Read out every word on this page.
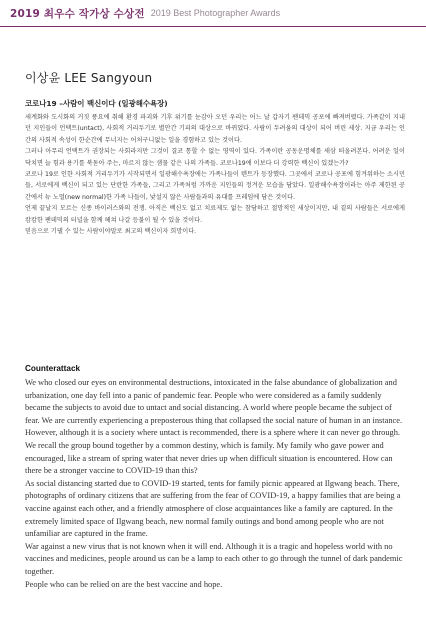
2019 최우수 작가상 수상전 2019 Best Photographer Awards
이상윤 LEE Sangyoun
코로나19 –사람이 백신이다 (일광해수욕장)

세계화와 도시화의 거짓 풍요에 취해 환경 파괴와 기후 위기를 눈감아 오던 우리는 어느 날 갑자기 팬데믹 공포에 빠져버렸다. 가족같이 지내던 지인들이 언택트(untact), 사회적 거리두기로 별안간 기피의 대상으로 바뀌었다. 사람이 두려움의 대상이 되어 버린 세상. 지금 우리는 인간의 사회적 속성이 한순간에 무너지는 어처구니없는 일을 경험하고 있는 것이다.

그러나 아무리 언택트가 권장되는 사회라지만 그것이 결코 통할 수 없는 영역이 있다. 가족이란 공동운명체를 새삼 떠올려본다. 어려운 일이 닥치면 늘 힘과 용기를 북돋아 주는, 마르지 않는 샘물 같은 나의 가족들. 코로나19에 이보다 더 강력한 백신이 있겠는가?

코로나 19로 인한 사회적 거리두기가 시작되면서 일광해수욕장에는 가족나들이 텐트가 등장했다. 그곳에서 코로나 공포에 힘겨워하는 소시민들, 서로에게 백신이 되고 있는 단란한 가족들, 그리고 가족처럼 가까운 지인들의 정겨운 모습을 담았다. 일광해수욕장이라는 아주 제한된 공간에서 뉴 노멀(new normal)한 가족 나들이, 낯설지 않은 사람들과의 유대를 프레임에 담은 것이다.

언제 끝날지 모르는 신종 바이러스와의 전쟁. 아직은 백신도 없고 치료제도 없는 참담하고 절망적인 세상이지만, 내 곁의 사람들은 서로에게 캄캄한 팬데믹의 터널을 함께 헤쳐 나갈 등불이 될 수 있을 것이다.

믿음으로 기댈 수 있는 사람이야말로 최고의 백신이자 희망이다.

Counterattack

We who closed our eyes on environmental destructions, intoxicated in the false abundance of globalization and urbanization, one day fell into a panic of pandemic fear. People who were considered as a family suddenly became the subjects to avoid due to untact and social distancing. A world where people became the subject of fear. We are currently experiencing a preposterous thing that collapsed the social nature of human in an instance.

However, although it is a society where untact is recommended, there is a sphere where it can never go through. We recall the group bound together by a common destiny, which is family. My family who gave power and encouraged, like a stream of spring water that never dries up when difficult situation is encountered. How can there be a stronger vaccine to COVID-19 than this?

As social distancing started due to COVID-19 started, tents for family picnic appeared at Ilgwang beach. There, photographs of ordinary citizens that are suffering from the fear of COVID-19, a happy families that are being a vaccine against each other, and a friendly atmosphere of close acquaintances like a family are captured. In the extremely limited space of Ilgwang beach, new normal family outings and bond among people who are not unfamiliar are captured in the frame.

War against a new virus that is not known when it will end. Although it is a tragic and hopeless world with no vaccines and medicines, people around us can be a lamp to each other to go through the tunnel of dark pandemic together.

People who can be relied on are the best vaccine and hope.
